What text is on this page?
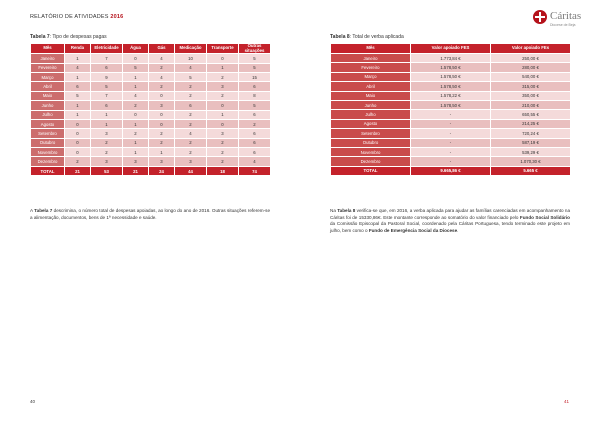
RELATÓRIO DE ATIVIDADES 2016	Cáritas
Diocese de Beja
Tabela 7: Tipo de despesas pagas
Mês	Renda	Eletricidade	Água	Gás	Medicação	Transporte	Outras situações
Janeiro	1	7	0	4	10	0	5
Fevereiro	4	6	5	2	4	1	5
Março	1	9	1	4	5	2	15
Abril	6	5	1	2	2	3	6
Maio	5	7	4	0	2	2	8
Junho	1	6	2	3	6	0	5
Julho	1	1	0	0	2	1	6
Agosto	0	1	1	0	2	0	2
Setembro	0	3	2	2	4	3	6
Outubro	0	2	1	2	2	2	6
Novembro	0	2	1	1	2	2	6
Dezembro	2	3	3	3	3	2	4
TOTAL	21	53	21	24	44	18	74
Tabela 8: Total de verba aplicada
Mês	Valor apoiado FES	Valor apoiado FEs
Janeiro	1.773,84 €	250,00 €
Fevereiro	1.578,50 €	280,00 €
Março	1.578,50 €	540,00 €
Abril	1.578,50 €	315,00 €
Maio	1.578,22 €	350,00 €
Junho	1.578,50 €	210,00 €
Julho	-	650,55 €
Agosto	-	214,25 €
Setembro	-	720,24 €
Outubro	-	587,19 €
Novembro	-	539,29 €
Dezembro	-	1.070,30 €
TOTAL	9.665,86 €	5.665 €
A Tabela 7 descrimina, o número total de despesas apoiadas, ao longo do ano de 2016. Outras situações referem-se a alimentação, documentos, bens de 1ª necessidade e saúde.
Na Tabela 8 verifica-se que, em 2016, a verba aplicada para ajudar as famílias carenciadas em acompanhamento na Cáritas foi de 15330,86€. Este montante corresponde ao somatório do valor financiado pelo Fundo Social Solidário da Comissão Episcopal da Pastoral Social, coordenado pela Cáritas Portuguesa, tendo terminado este projeto em julho, bem como o Fundo de Emergência Social da Diocese.
40	41
